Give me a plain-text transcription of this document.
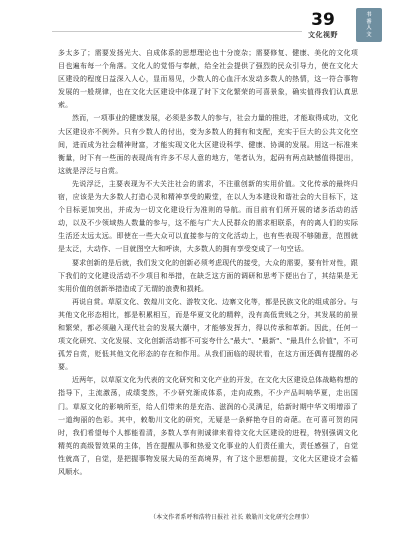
39
文化视野
书
香
人
文

多太多了；需要发扬光大、自成体系的思想理论也十分庞杂；需要修复、健康、美化的文化项目也遍布每一个角落。文化人的觉悟与奉献，给全社会提供了强烈的民众引导力，使在文化大区建设的程度日益深入人心，显而易见，少数人的心血汗水发动多数人的热情，这一符合事物发展的一般规律，也在文化大区建设中体现了时下文化繁荣的可喜景象，确实值得我们认真思索。

然而，一项事业的健康发展，必须是多数人的参与，社会力量的推进，才能取得成功，文化大区建设亦不例外。只有少数人的付出，变为多数人的拥有和支配，充实于巨大的公共文化空间，进而成为社会精神财富，才能实现文化大区建设科学、健康、协调的发展。用这一标准来衡量，时下有一些面的表现尚有许多不尽人意的地方，笔者认为，起码有两点缺憾值得提出，这就是浮泛与自赏。

先说浮泛，主要表现为不大关注社会的需求，不注重创新的实用价值。文化传承的最终归宿，应该是为大多数人打造心灵和精神享受的殿堂，在以人为本建设和谐社会的大目标下，这个目标更加突出，并成为一切文化建设行为准则的导航。而目前有们所开展的诸多活动的活动，以及不少领域热人数量的参与，这不能与广大人民群众的需求相联系，有的离人们的实际生活还太远太远。即使在一些大众可以直接参与的文化活动上，也有些表现不够随意，范围就是太泛，大动作、一目就图空大和呼读，大多数人的拥有享受变成了一句空话。

要求创新的是后就，我们发文化的创新必须考虑现代的接受，大众的需要，要有针对性，跟下我们的文化建设活动不少项目和举措，在缺乏这方面的调研和思考下便出台了，其结果是无实用价值的创新举措造成了无谓的浪费和损耗。

再说自赏。草原文化、敦煌川文化、游牧文化、边寨文化等，都是民族文化的组成部分。与其他文化形态相比，都是积累相互，而是华夏文化的精粹，没有高低贵贱之分，其发展的前景和繁荣，都必须融入现代社会的发展大潮中，才能够发挥力，得以传承和革新。因此，任何一项文化研究、文化发展、文化创新活动都不可妄夸什么"最大"、"最新"、"最具什么价值"，不可孤芳自赏，贬低其他文化形态的存在和作用。从我们面临的现状看，在这方面还偶有提醒的必要。

近两年，以草原文化为代表的文化研究和文化产业的开发，在文化大区建设总体战略构想的指导下，主流激荡，成绩斐然，不少研究渐成体系，走向成熟，不少产品叫响华夏，走出国门。草原文化的影响所至，给人们带来的是充浩、滋润的心灵满足，给新时期中华文明增添了一道绚丽的色彩。其中，敕勒川文化的研究，无疑是一条鲜艳夺目的奇葩。在可喜可贺的同时，我们希望每个人都能看清，多数人享有则诚律来看待文化大区建设的进程，特别强调文化精英的高级智效果的主体，旨在提醒从事和热爱文化事业的人们责任重大，责任感强了，自觉性就高了，自觉，是把握事物发展大局的至高境界，有了这个思想前提，文化大区建设才会循风顺水。

（本文作者系呼和浩特日报社 社长 敕勒川文化研究会理事）
